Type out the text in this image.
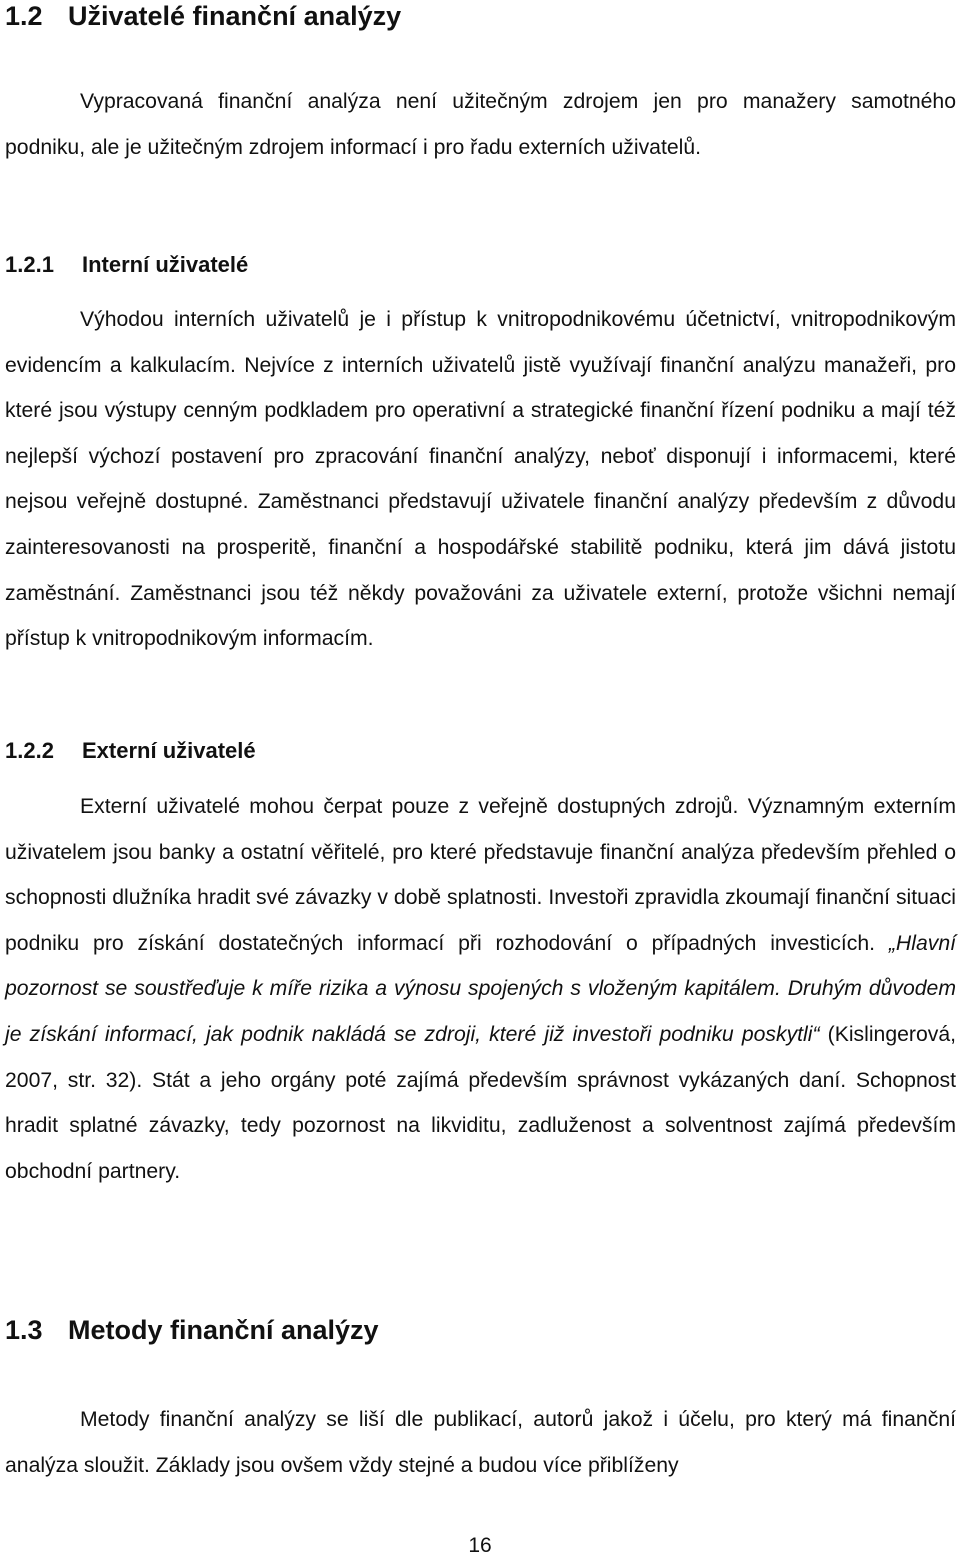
1.2 Uživatelé finanční analýzy

Vypracovaná finanční analýza není užitečným zdrojem jen pro manažery samotného podniku, ale je užitečným zdrojem informací i pro řadu externích uživatelů.

1.2.1 Interní uživatelé

Výhodou interních uživatelů je i přístup k vnitropodnikovému účetnictví, vnitropodnikovým evidencím a kalkulacím. Nejvíce z interních uživatelů jistě využívají finanční analýzu manažeři, pro které jsou výstupy cenným podkladem pro operativní a strategické finanční řízení podniku a mají též nejlepší výchozí postavení pro zpracování finanční analýzy, neboť disponují i informacemi, které nejsou veřejně dostupné. Zaměstnanci představují uživatele finanční analýzy především z důvodu zainteresovanosti na prosperitě, finanční a hospodářské stabilitě podniku, která jim dává jistotu zaměstnání. Zaměstnanci jsou též někdy považováni za uživatele externí, protože všichni nemají přístup k vnitropodnikovým informacím.

1.2.2 Externí uživatelé

Externí uživatelé mohou čerpat pouze z veřejně dostupných zdrojů. Významným externím uživatelem jsou banky a ostatní věřitelé, pro které představuje finanční analýza především přehled o schopnosti dlužníka hradit své závazky v době splatnosti. Investoři zpravidla zkoumají finanční situaci podniku pro získání dostatečných informací při rozhodování o případných investicích. „Hlavní pozornost se soustřeďuje k míře rizika a výnosu spojených s vloženým kapitálem. Druhým důvodem je získání informací, jak podnik nakládá se zdroji, které již investoři podniku poskytli“ (Kislingerová, 2007, str. 32). Stát a jeho orgány poté zajímá především správnost vykázaných daní. Schopnost hradit splatné závazky, tedy pozornost na likviditu, zadluženost a solventnost zajímá především obchodní partnery.

1.3 Metody finanční analýzy

Metody finanční analýzy se liší dle publikací, autorů jakož i účelu, pro který má finanční analýza sloužit. Základy jsou ovšem vždy stejné a budou více přiblíženy

16
